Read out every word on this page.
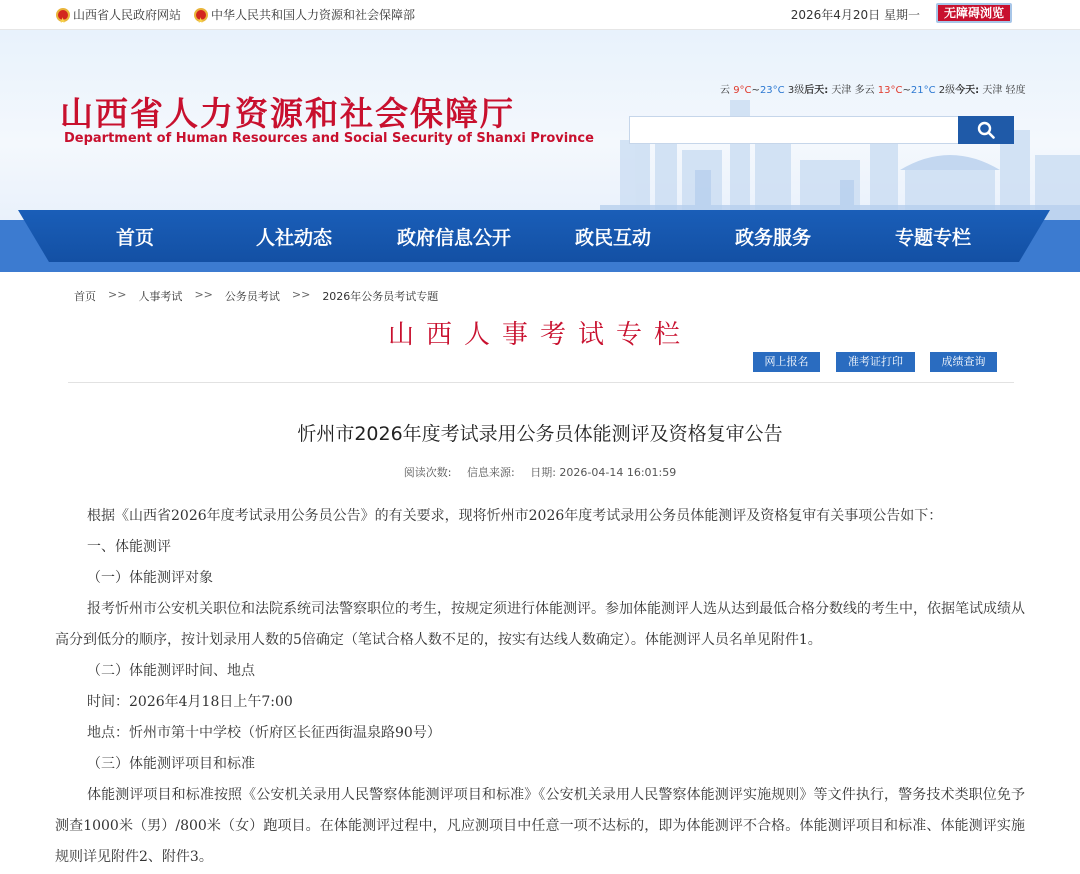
★
山西省人民政府网站
★ 中华人民共和国人力资源和社会保障部	2026年4月20日 星期一	无障碍浏览
山西省人力资源和社会保障厅
Department of Human Resources and Social Security of Shanxi Province
云 9°C~23°C 3级后天: 天津 多云 13°C~21°C 2级今天: 天津 轻度
首页	人社动态	政府信息公开	政民互动	政务服务	专题专栏
首页 >> 人事考试 >> 公务员考试 >> 2026年公务员考试专题
山西人事考试专栏
网上报名	准考证打印	成绩查询
忻州市2026年度考试录用公务员体能测评及资格复审公告
阅读次数: 信息来源: 日期: 2026-04-14 16:01:59

根据《山西省2026年度考试录用公务员公告》的有关要求，现将忻州市2026年度考试录用公务员体能测评及资格复审有关事项公告如下：

一、体能测评

（一）体能测评对象

报考忻州市公安机关职位和法院系统司法警察职位的考生，按规定须进行体能测评。参加体能测评人选从达到最低合格分数线的考生中，依据笔试成绩从高分到低分的顺序，按计划录用人数的5倍确定（笔试合格人数不足的，按实有达线人数确定）。体能测评人员名单见附件1。

（二）体能测评时间、地点

时间：2026年4月18日上午7:00

地点：忻州市第十中学校（忻府区长征西街温泉路90号）

（三）体能测评项目和标准

体能测评项目和标准按照《公安机关录用人民警察体能测评项目和标准》《公安机关录用人民警察体能测评实施规则》等文件执行，警务技术类职位免予测查1000米（男）/800米（女）跑项目。在体能测评过程中，凡应测项目中任意一项不达标的，即为体能测评不合格。体能测评项目和标准、体能测评实施规则详见附件2、附件3。
